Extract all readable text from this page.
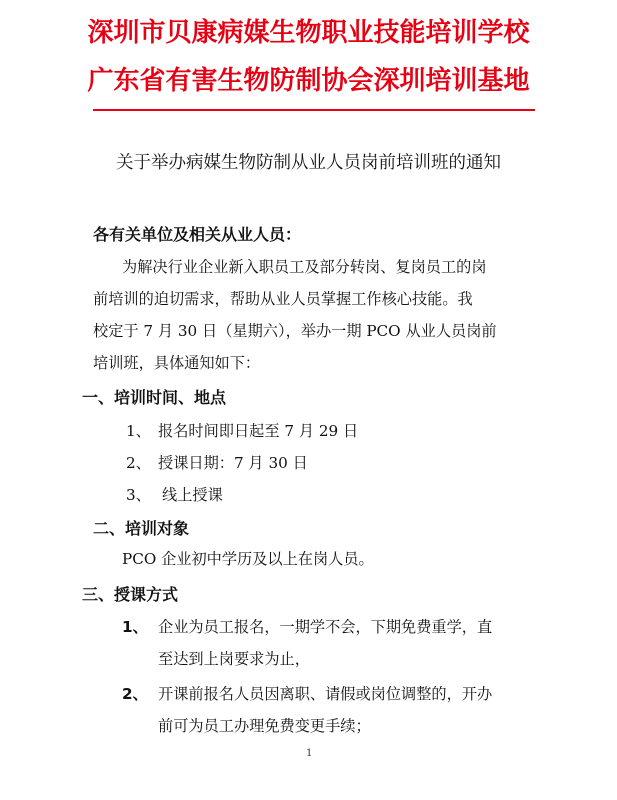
深圳市贝康病媒生物职业技能培训学校
广东省有害生物防制协会深圳培训基地
关于举办病媒生物防制从业人员岗前培训班的通知
各有关单位及相关从业人员：
为解决行业企业新入职员工及部分转岗、复岗员工的岗
前培训的迫切需求，帮助从业人员掌握工作核心技能。我
校定于 7 月 30 日（星期六），举办一期 PCO 从业人员岗前
培训班，具体通知如下：
一、培训时间、地点
1、 报名时间即日起至 7 月 29 日
2、 授课日期：7 月 30 日
3、 线上授课
二、培训对象
PCO 企业初中学历及以上在岗人员。
三、授课方式
1、 企业为员工报名，一期学不会，下期免费重学，直
至达到上岗要求为止，
2、 开课前报名人员因离职、请假或岗位调整的，开办
前可为员工办理免费变更手续；
1
